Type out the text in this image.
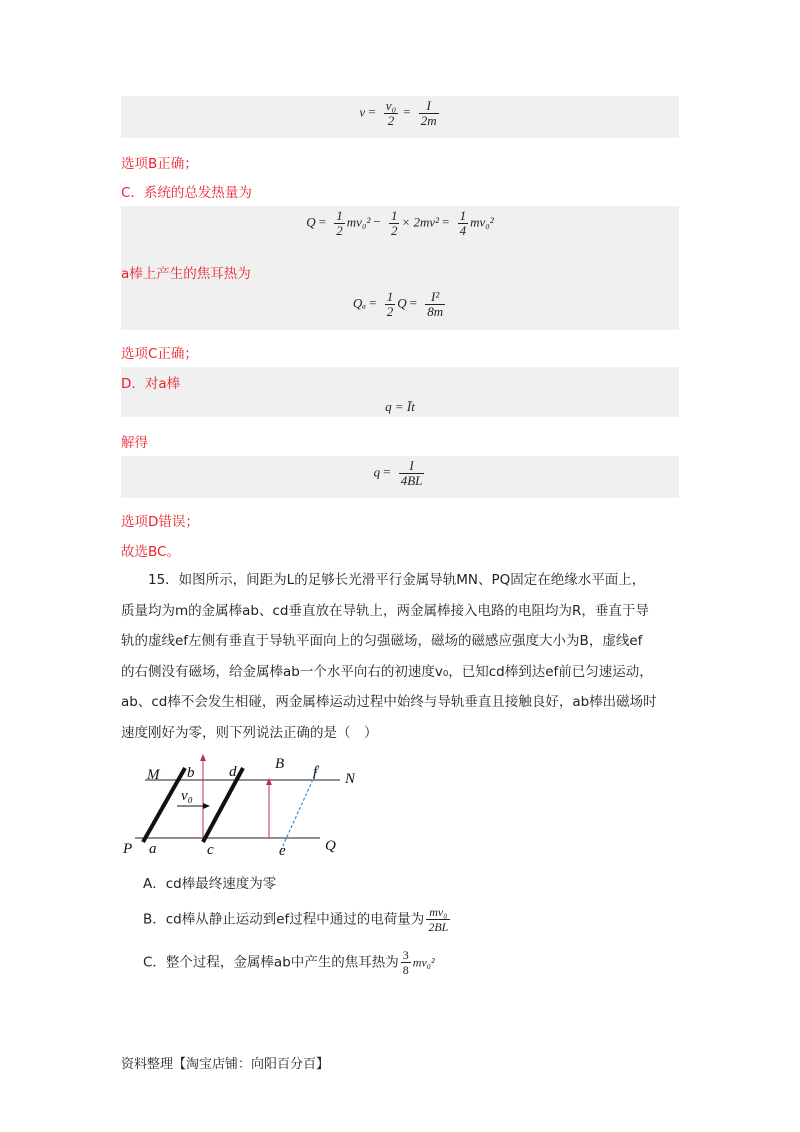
$v = \frac{\text{v₀}}{2} = \frac{I}{2m}$
选项B正确；
C．系统的总发热量为
$Q = \frac{1}{2} mv_0^2 - \frac{1}{2} \times 2mv^2 = \frac{1}{4} mv_0^2$
a棒上产生的焦耳热为
$Q_a = \frac{1}{2}$ $Q = \frac{\text{I²}}{8m}$
选项C正确；
D．对a棒
q = Īt
解得
$q = \frac{I}{4BL}$
选项D错误；
故选BC。
15．如图所示，间距为L的足够长光滑平行金属导轨MN、PQ固定在绝缘水平面上，
质量均为m的金属棒ab、cd垂直放在导轨上，两金属棒接入电路的电阻均为R，垂直于导
轨的虚线ef左侧有垂直于导轨平面向上的匀强磁场，磁场的磁感应强度大小为B，虚线ef
的右侧没有磁场，给金属棒ab一个水平向右的初速度v₀，已知cd棒到达ef前已匀速运动，
ab、cd棒不会发生相碰，两金属棒运动过程中始终与导轨垂直且接触良好，ab棒出磁场时
速度刚好为零，则下列说法正确的是（　）
M b d	B f N
v₀
P a	c	e	Q
A．cd棒最终速度为零
B．cd棒从静止运动到ef过程中通过的电荷量为 $\frac{\text{mv₀}}{2BL}$
C．整个过程，金属棒ab中产生的焦耳热为 $\frac{3}{8} mv_0^2$
资料整理【淘宝店铺：向阳百分百】
